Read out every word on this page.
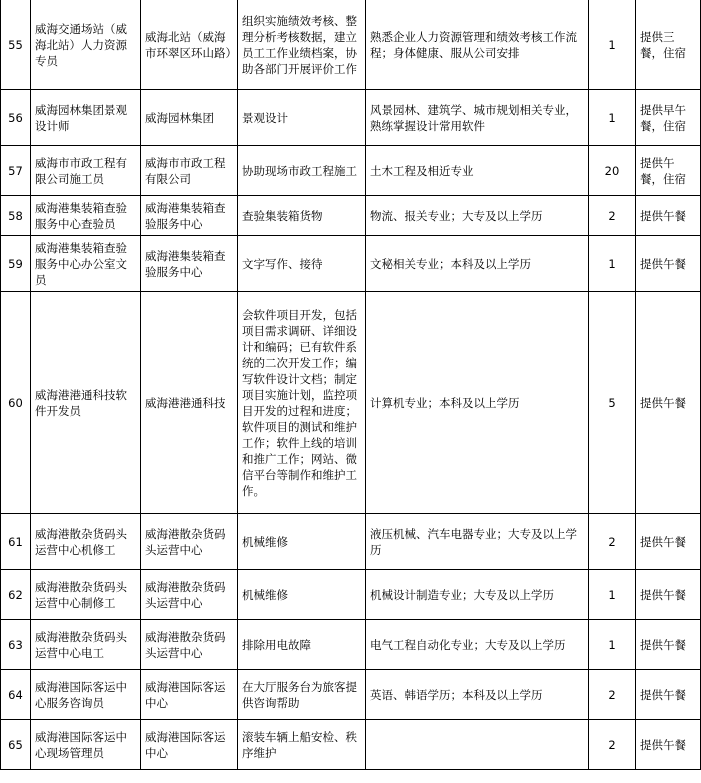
55	威海交通场站（威海北站）人力资源专员	威海北站（威海市环翠区环山路）	组织实施绩效考核、整理分析考核数据，建立员工工作业绩档案，协助各部门开展评价工作	熟悉企业人力资源管理和绩效考核工作流程；身体健康、服从公司安排	1	提供三餐，住宿
56	威海园林集团景观设计师	威海园林集团	景观设计	风景园林、建筑学、城市规划相关专业，熟练掌握设计常用软件	1	提供早午餐，住宿
57	威海市市政工程有限公司施工员	威海市市政工程有限公司	协助现场市政工程施工	土木工程及相近专业	20	提供午餐，住宿
58	威海港集装箱查验服务中心查验员	威海港集装箱查验服务中心	查验集装箱货物	物流、报关专业；大专及以上学历	2	提供午餐
59	威海港集装箱查验服务中心办公室文员	威海港集装箱查验服务中心	文字写作、接待	文秘相关专业；本科及以上学历	1	提供午餐
60	威海港港通科技软件开发员	威海港港通科技	会软件项目开发，包括项目需求调研、详细设计和编码；已有软件系统的二次开发工作；编写软件设计文档；制定项目实施计划，监控项目开发的过程和进度；软件项目的测试和维护工作；软件上线的培训和推广工作；网站、微信平台等制作和维护工作。	计算机专业；本科及以上学历	5	提供午餐
61	威海港散杂货码头运营中心机修工	威海港散杂货码头运营中心	机械维修	液压机械、汽车电器专业；大专及以上学历	2	提供午餐
62	威海港散杂货码头运营中心制修工	威海港散杂货码头运营中心	机械维修	机械设计制造专业；大专及以上学历	1	提供午餐
63	威海港散杂货码头运营中心电工	威海港散杂货码头运营中心	排除用电故障	电气工程自动化专业；大专及以上学历	1	提供午餐
64	威海港国际客运中心服务咨询员	威海港国际客运中心	在大厅服务台为旅客提供咨询帮助	英语、韩语学历；本科及以上学历	2	提供午餐
65	威海港国际客运中心现场管理员	威海港国际客运中心	滚装车辆上船安检、秩序维护		2	提供午餐
